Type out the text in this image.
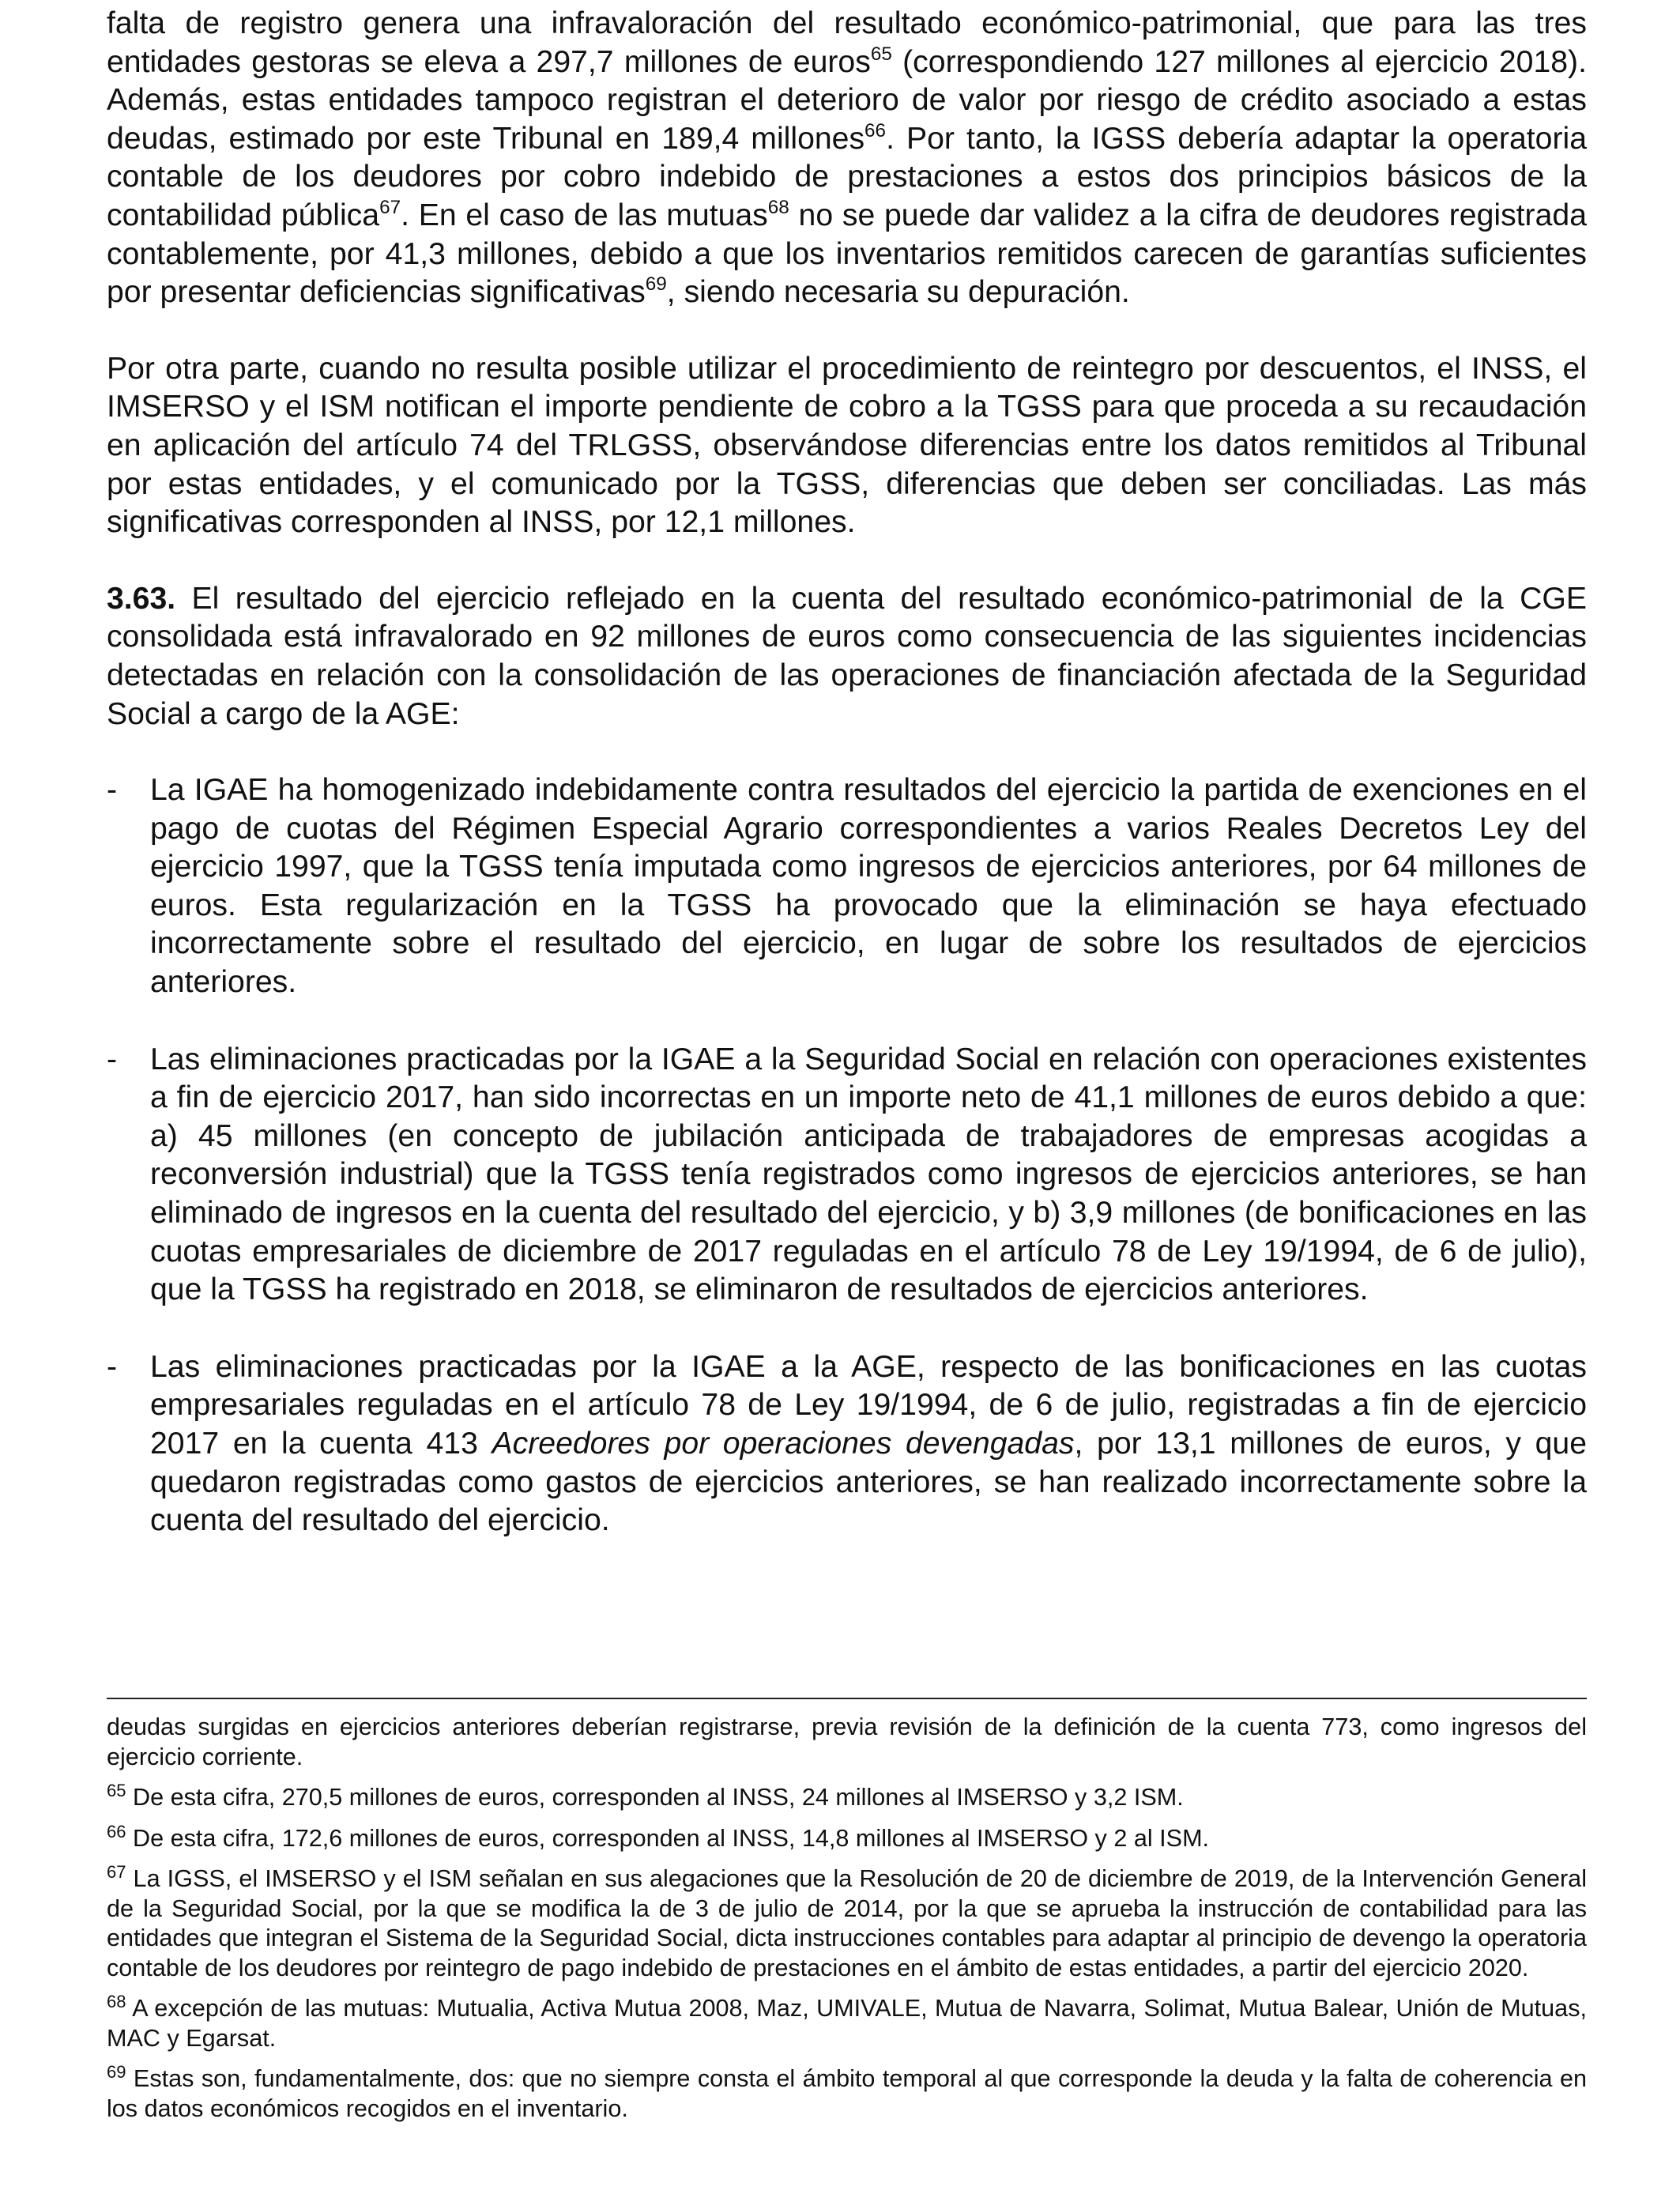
falta de registro genera una infravaloración del resultado económico-patrimonial, que para las tres entidades gestoras se eleva a 297,7 millones de euros$^{65}$ (correspondiendo 127 millones al ejercicio 2018). Además, estas entidades tampoco registran el deterioro de valor por riesgo de crédito asociado a estas deudas, estimado por este Tribunal en 189,4 millones$^{66}$. Por tanto, la IGSS debería adaptar la operatoria contable de los deudores por cobro indebido de prestaciones a estos dos principios básicos de la contabilidad pública$^{67}$. En el caso de las mutuas$^{68}$ no se puede dar validez a la cifra de deudores registrada contablemente, por 41,3 millones, debido a que los inventarios remitidos carecen de garantías suficientes por presentar deficiencias significativas$^{69}$, siendo necesaria su depuración.

Por otra parte, cuando no resulta posible utilizar el procedimiento de reintegro por descuentos, el INSS, el IMSERSO y el ISM notifican el importe pendiente de cobro a la TGSS para que proceda a su recaudación en aplicación del artículo 74 del TRLGSS, observándose diferencias entre los datos remitidos al Tribunal por estas entidades, y el comunicado por la TGSS, diferencias que deben ser conciliadas. Las más significativas corresponden al INSS, por 12,1 millones.

3.63. El resultado del ejercicio reflejado en la cuenta del resultado económico-patrimonial de la CGE consolidada está infravalorado en 92 millones de euros como consecuencia de las siguientes incidencias detectadas en relación con la consolidación de las operaciones de financiación afectada de la Seguridad Social a cargo de la AGE:

-	La IGAE ha homogenizado indebidamente contra resultados del ejercicio la partida de exenciones en el pago de cuotas del Régimen Especial Agrario correspondientes a varios Reales Decretos Ley del ejercicio 1997, que la TGSS tenía imputada como ingresos de ejercicios anteriores, por 64 millones de euros. Esta regularización en la TGSS ha provocado que la eliminación se haya efectuado incorrectamente sobre el resultado del ejercicio, en lugar de sobre los resultados de ejercicios anteriores.
-	Las eliminaciones practicadas por la IGAE a la Seguridad Social en relación con operaciones existentes a fin de ejercicio 2017, han sido incorrectas en un importe neto de 41,1 millones de euros debido a que: a) 45 millones (en concepto de jubilación anticipada de trabajadores de empresas acogidas a reconversión industrial) que la TGSS tenía registrados como ingresos de ejercicios anteriores, se han eliminado de ingresos en la cuenta del resultado del ejercicio, y b) 3,9 millones (de bonificaciones en las cuotas empresariales de diciembre de 2017 reguladas en el artículo 78 de Ley 19/1994, de 6 de julio), que la TGSS ha registrado en 2018, se eliminaron de resultados de ejercicios anteriores.
-	Las eliminaciones practicadas por la IGAE a la AGE, respecto de las bonificaciones en las cuotas empresariales reguladas en el artículo 78 de Ley 19/1994, de 6 de julio, registradas a fin de ejercicio 2017 en la cuenta 413 Acreedores por operaciones devengadas, por 13,1 millones de euros, y que quedaron registradas como gastos de ejercicios anteriores, se han realizado incorrectamente sobre la cuenta del resultado del ejercicio.

deudas surgidas en ejercicios anteriores deberían registrarse, previa revisión de la definición de la cuenta 773, como ingresos del ejercicio corriente.

$^{65}$ De esta cifra, 270,5 millones de euros, corresponden al INSS, 24 millones al IMSERSO y 3,2 ISM.

$^{66}$ De esta cifra, 172,6 millones de euros, corresponden al INSS, 14,8 millones al IMSERSO y 2 al ISM.

$^{67}$ La IGSS, el IMSERSO y el ISM señalan en sus alegaciones que la Resolución de 20 de diciembre de 2019, de la Intervención General de la Seguridad Social, por la que se modifica la de 3 de julio de 2014, por la que se aprueba la instrucción de contabilidad para las entidades que integran el Sistema de la Seguridad Social, dicta instrucciones contables para adaptar al principio de devengo la operatoria contable de los deudores por reintegro de pago indebido de prestaciones en el ámbito de estas entidades, a partir del ejercicio 2020.

$^{68}$ A excepción de las mutuas: Mutualia, Activa Mutua 2008, Maz, UMIVALE, Mutua de Navarra, Solimat, Mutua Balear, Unión de Mutuas, MAC y Egarsat.

$^{69}$ Estas son, fundamentalmente, dos: que no siempre consta el ámbito temporal al que corresponde la deuda y la falta de coherencia en los datos económicos recogidos en el inventario.
